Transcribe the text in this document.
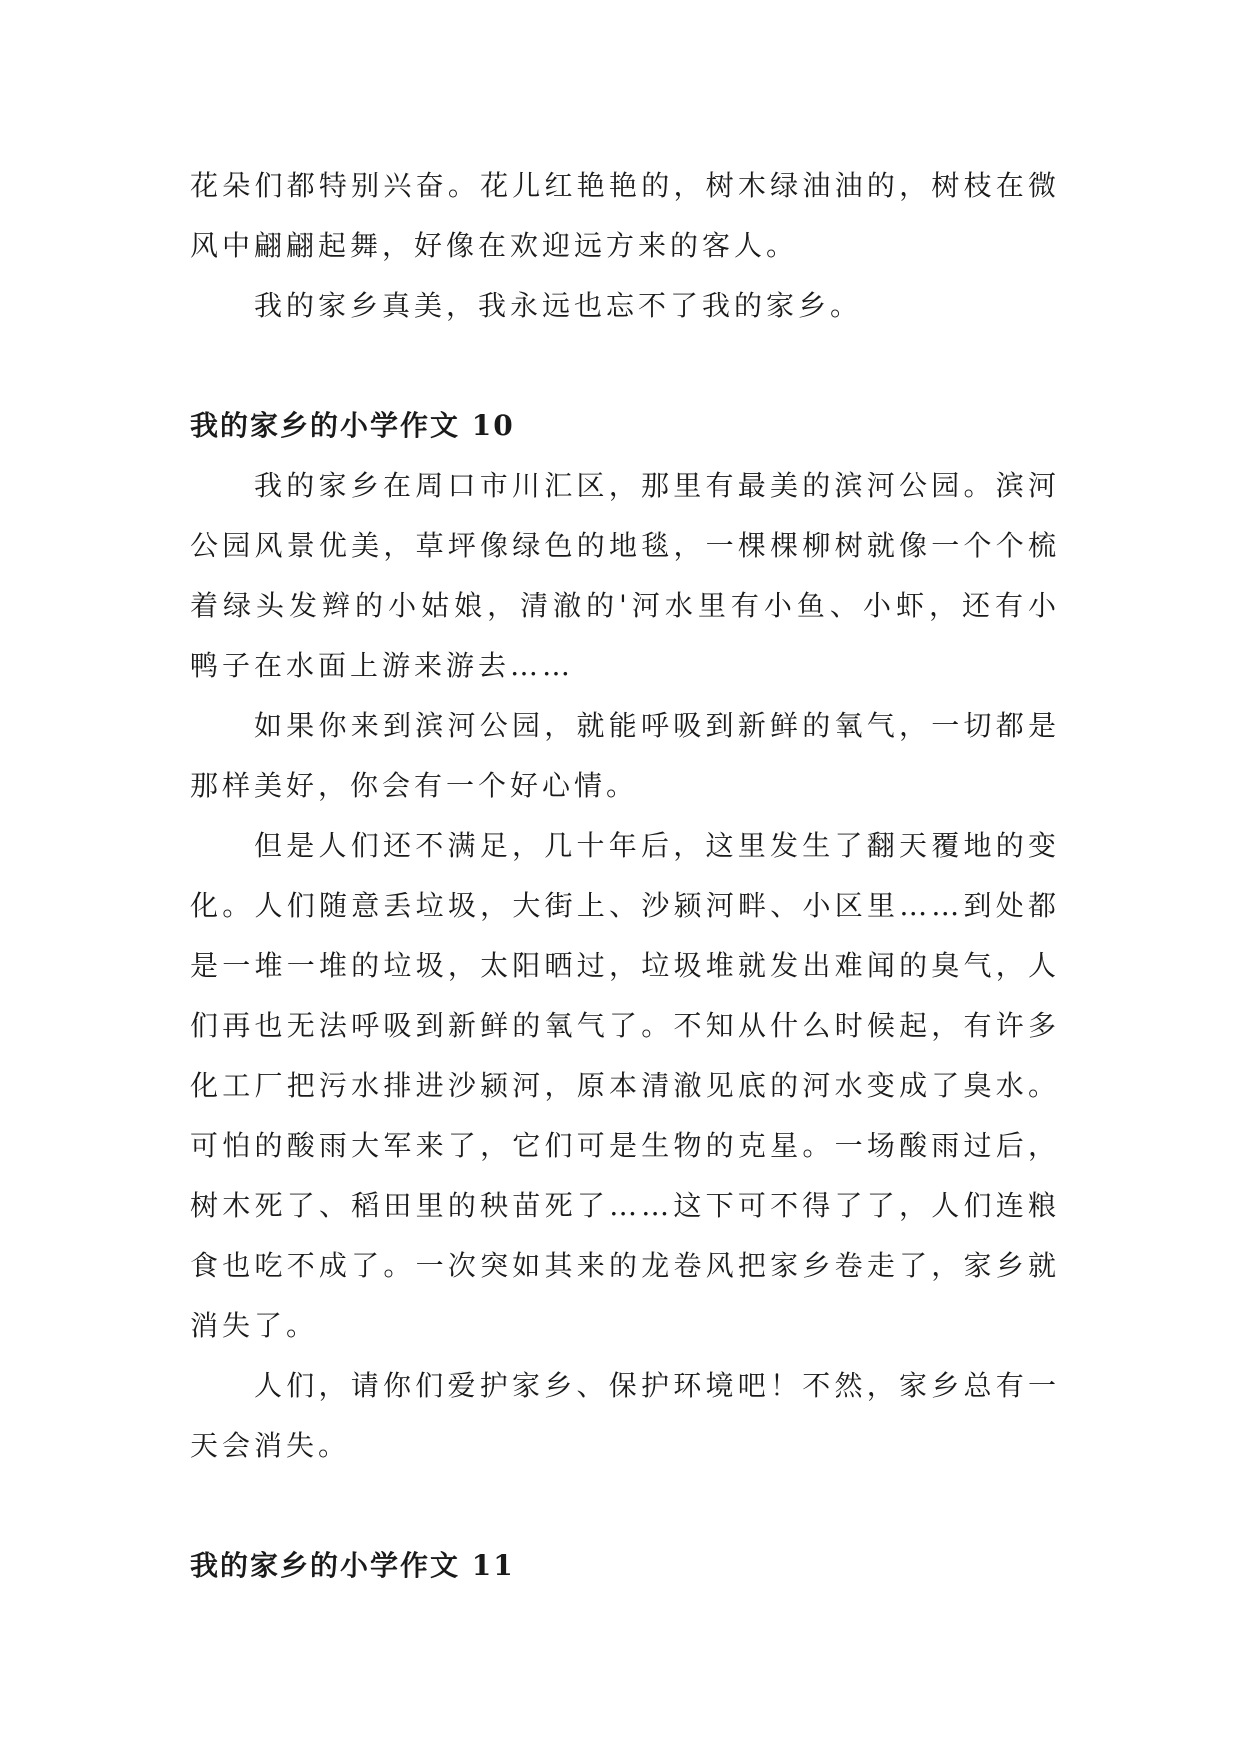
花朵们都特别兴奋。花儿红艳艳的，树木绿油油的，树枝在微风中翩翩起舞，好像在欢迎远方来的客人。

我的家乡真美，我永远也忘不了我的家乡。

我的家乡的小学作文 10

我的家乡在周口市川汇区，那里有最美的滨河公园。滨河公园风景优美，草坪像绿色的地毯，一棵棵柳树就像一个个梳着绿头发辫的小姑娘，清澈的'河水里有小鱼、小虾，还有小鸭子在水面上游来游去……

如果你来到滨河公园，就能呼吸到新鲜的氧气，一切都是那样美好，你会有一个好心情。

但是人们还不满足，几十年后，这里发生了翻天覆地的变化。人们随意丢垃圾，大街上、沙颍河畔、小区里……到处都是一堆一堆的垃圾，太阳晒过，垃圾堆就发出难闻的臭气，人们再也无法呼吸到新鲜的氧气了。不知从什么时候起，有许多化工厂把污水排进沙颍河，原本清澈见底的河水变成了臭水。可怕的酸雨大军来了，它们可是生物的克星。一场酸雨过后，树木死了、稻田里的秧苗死了……这下可不得了了，人们连粮食也吃不成了。一次突如其来的龙卷风把家乡卷走了，家乡就消失了。

人们，请你们爱护家乡、保护环境吧！不然，家乡总有一天会消失。

我的家乡的小学作文 11
